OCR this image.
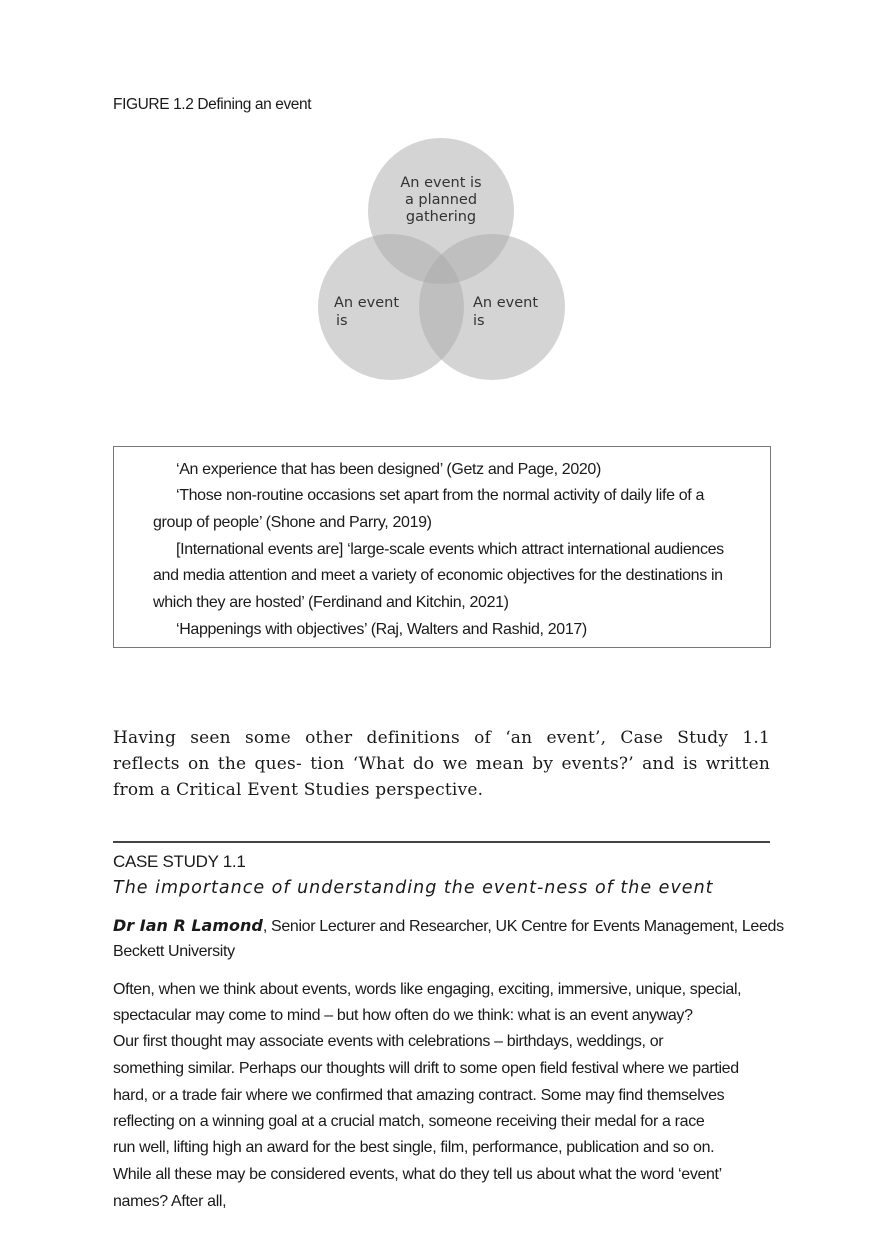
FIGURE 1.2 Defining an event
An event is
a planned
gathering
An event
is
An event
is
‘An experience that has been designed’ (Getz and Page, 2020)
‘Those non-routine occasions set apart from the normal activity of daily life of a
group of people’ (Shone and Parry, 2019)
[International events are] ‘large-scale events which attract international audiences
and media attention and meet a variety of economic objectives for the destinations in
which they are hosted’ (Ferdinand and Kitchin, 2021)
‘Happenings with objectives’ (Raj, Walters and Rashid, 2017)
Having seen some other definitions of ‘an event’, Case Study 1.1
reflects on the ques- tion ‘What do we mean by events?’ and is written
from a Critical Event Studies perspective.
CASE STUDY 1.1
The importance of understanding the event-ness of the event
Dr Ian R Lamond, Senior Lecturer and Researcher, UK Centre for Events Management, Leeds
Beckett University
Often, when we think about events, words like engaging, exciting, immersive, unique, special,
spectacular may come to mind – but how often do we think: what is an event anyway?
Our first thought may associate events with celebrations – birthdays, weddings, or
something similar. Perhaps our thoughts will drift to some open field festival where we partied
hard, or a trade fair where we confirmed that amazing contract. Some may find themselves
reflecting on a winning goal at a crucial match, someone receiving their medal for a race
run well, lifting high an award for the best single, film, performance, publication and so on.
While all these may be considered events, what do they tell us about what the word ‘event’
names? After all,
